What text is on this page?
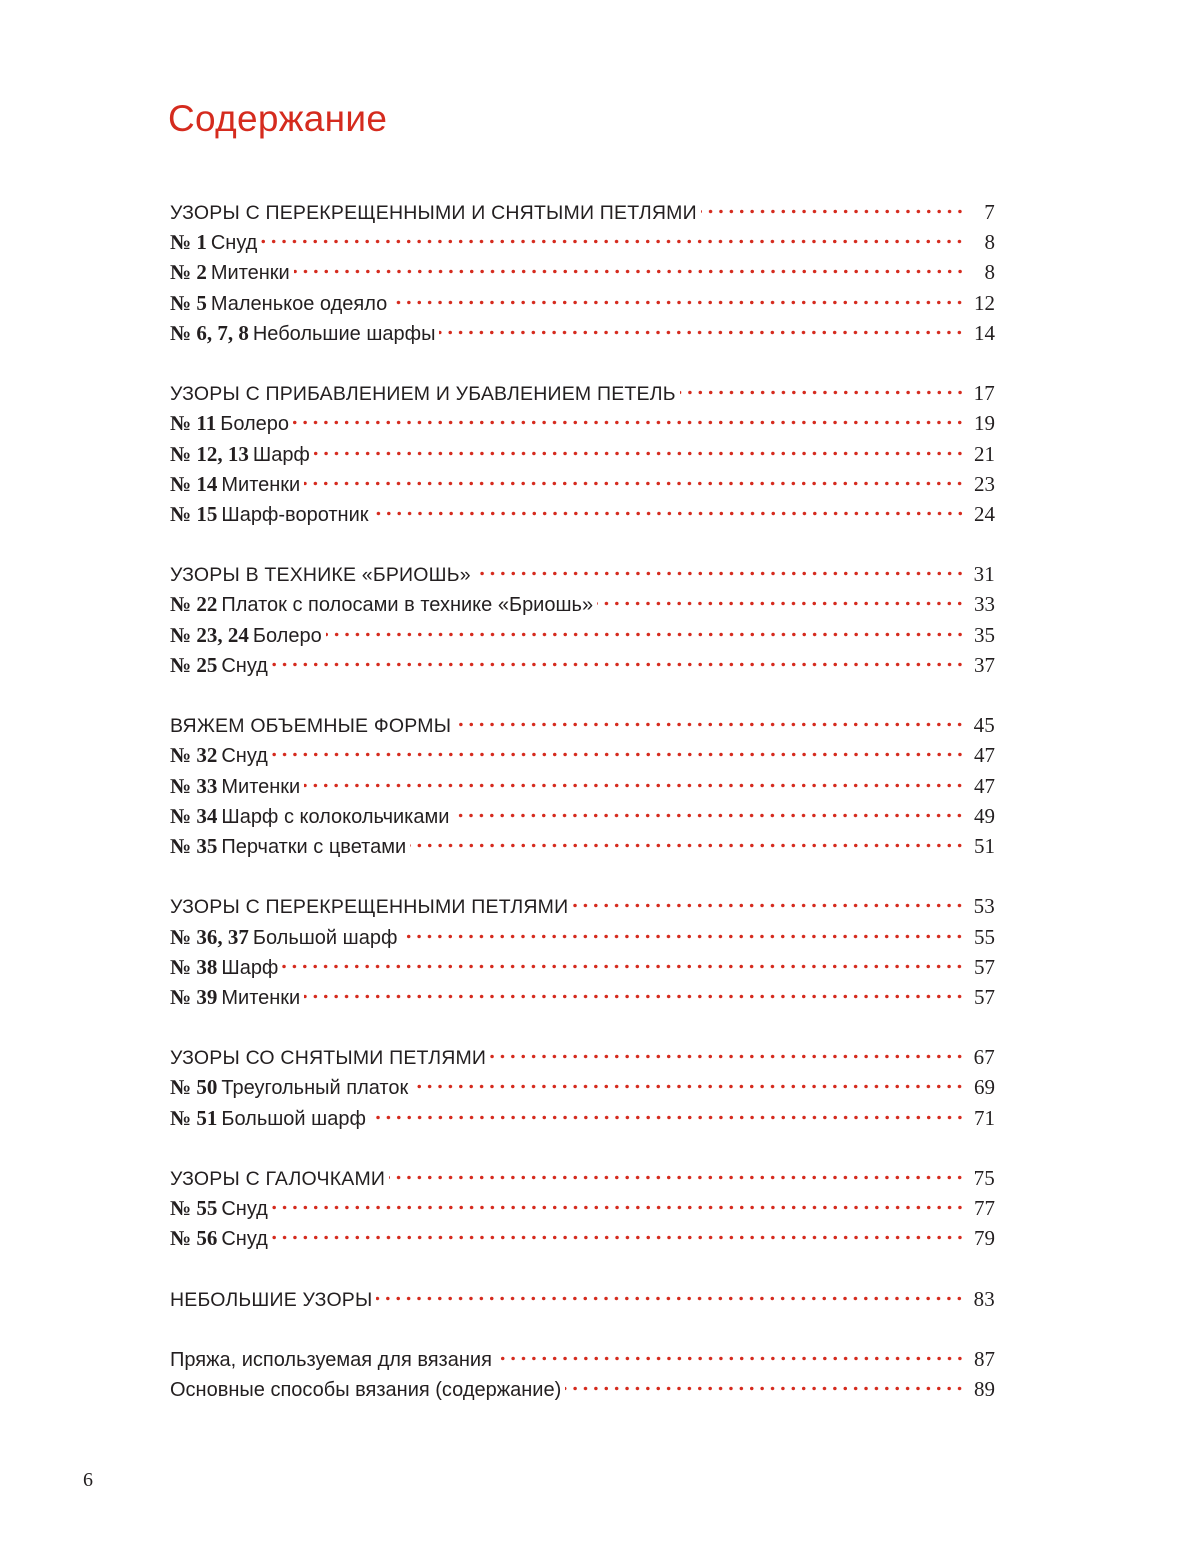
Содержание
УЗОРЫ С ПЕРЕКРЕЩЕННЫМИ И СНЯТЫМИ ПЕТЛЯМИ	7
№ 1 Снуд	8
№ 2 Митенки	8
№ 5 Маленькое одеяло	12
№ 6, 7, 8 Небольшие шарфы	14
УЗОРЫ С ПРИБАВЛЕНИЕМ И УБАВЛЕНИЕМ ПЕТЕЛЬ	17
№ 11 Болеро	19
№ 12, 13 Шарф	21
№ 14 Митенки	23
№ 15 Шарф-воротник	24
УЗОРЫ В ТЕХНИКЕ «БРИОШЬ»	31
№ 22 Платок с полосами в технике «Бриошь»	33
№ 23, 24 Болеро	35
№ 25 Снуд	37
ВЯЖЕМ ОБЪЕМНЫЕ ФОРМЫ	45
№ 32 Снуд	47
№ 33 Митенки	47
№ 34 Шарф с колокольчиками	49
№ 35 Перчатки с цветами	51
УЗОРЫ С ПЕРЕКРЕЩЕННЫМИ ПЕТЛЯМИ	53
№ 36, 37 Большой шарф	55
№ 38 Шарф	57
№ 39 Митенки	57
УЗОРЫ СО СНЯТЫМИ ПЕТЛЯМИ	67
№ 50 Треугольный платок	69
№ 51 Большой шарф	71
УЗОРЫ С ГАЛОЧКАМИ	75
№ 55 Снуд	77
№ 56 Снуд	79
НЕБОЛЬШИЕ УЗОРЫ	83
Пряжа, используемая для вязания	87
Основные способы вязания (содержание)	89
6
